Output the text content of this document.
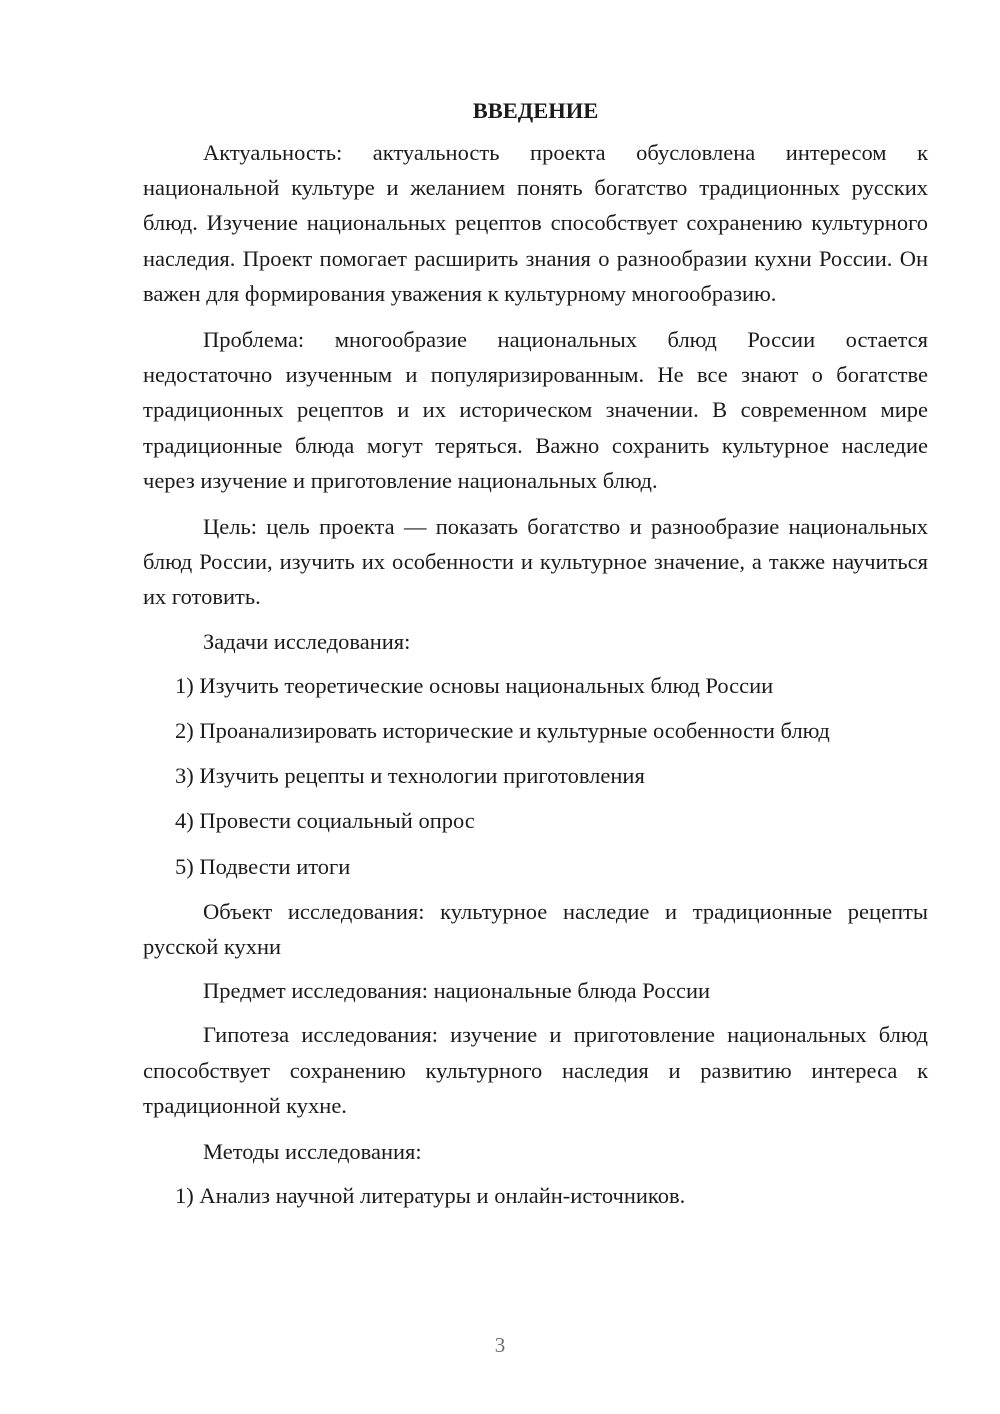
ВВЕДЕНИЕ

Актуальность: актуальность проекта обусловлена интересом к национальной культуре и желанием понять богатство традиционных русских блюд. Изучение национальных рецептов способствует сохранению культурного наследия. Проект помогает расширить знания о разнообразии кухни России. Он важен для формирования уважения к культурному многообразию.

Проблема: многообразие национальных блюд России остается недостаточно изученным и популяризированным. Не все знают о богатстве традиционных рецептов и их историческом значении. В современном мире традиционные блюда могут теряться. Важно сохранить культурное наследие через изучение и приготовление национальных блюд.

Цель: цель проекта — показать богатство и разнообразие национальных блюд России, изучить их особенности и культурное значение, а также научиться их готовить.

Задачи исследования:

1) Изучить теоретические основы национальных блюд России
2) Проанализировать исторические и культурные особенности блюд
3) Изучить рецепты и технологии приготовления
4) Провести социальный опрос
5) Подвести итоги

Объект исследования: культурное наследие и традиционные рецепты русской кухни

Предмет исследования: национальные блюда России

Гипотеза исследования: изучение и приготовление национальных блюд способствует сохранению культурного наследия и развитию интереса к традиционной кухне.

Методы исследования:

1) Анализ научной литературы и онлайн-источников.
3
